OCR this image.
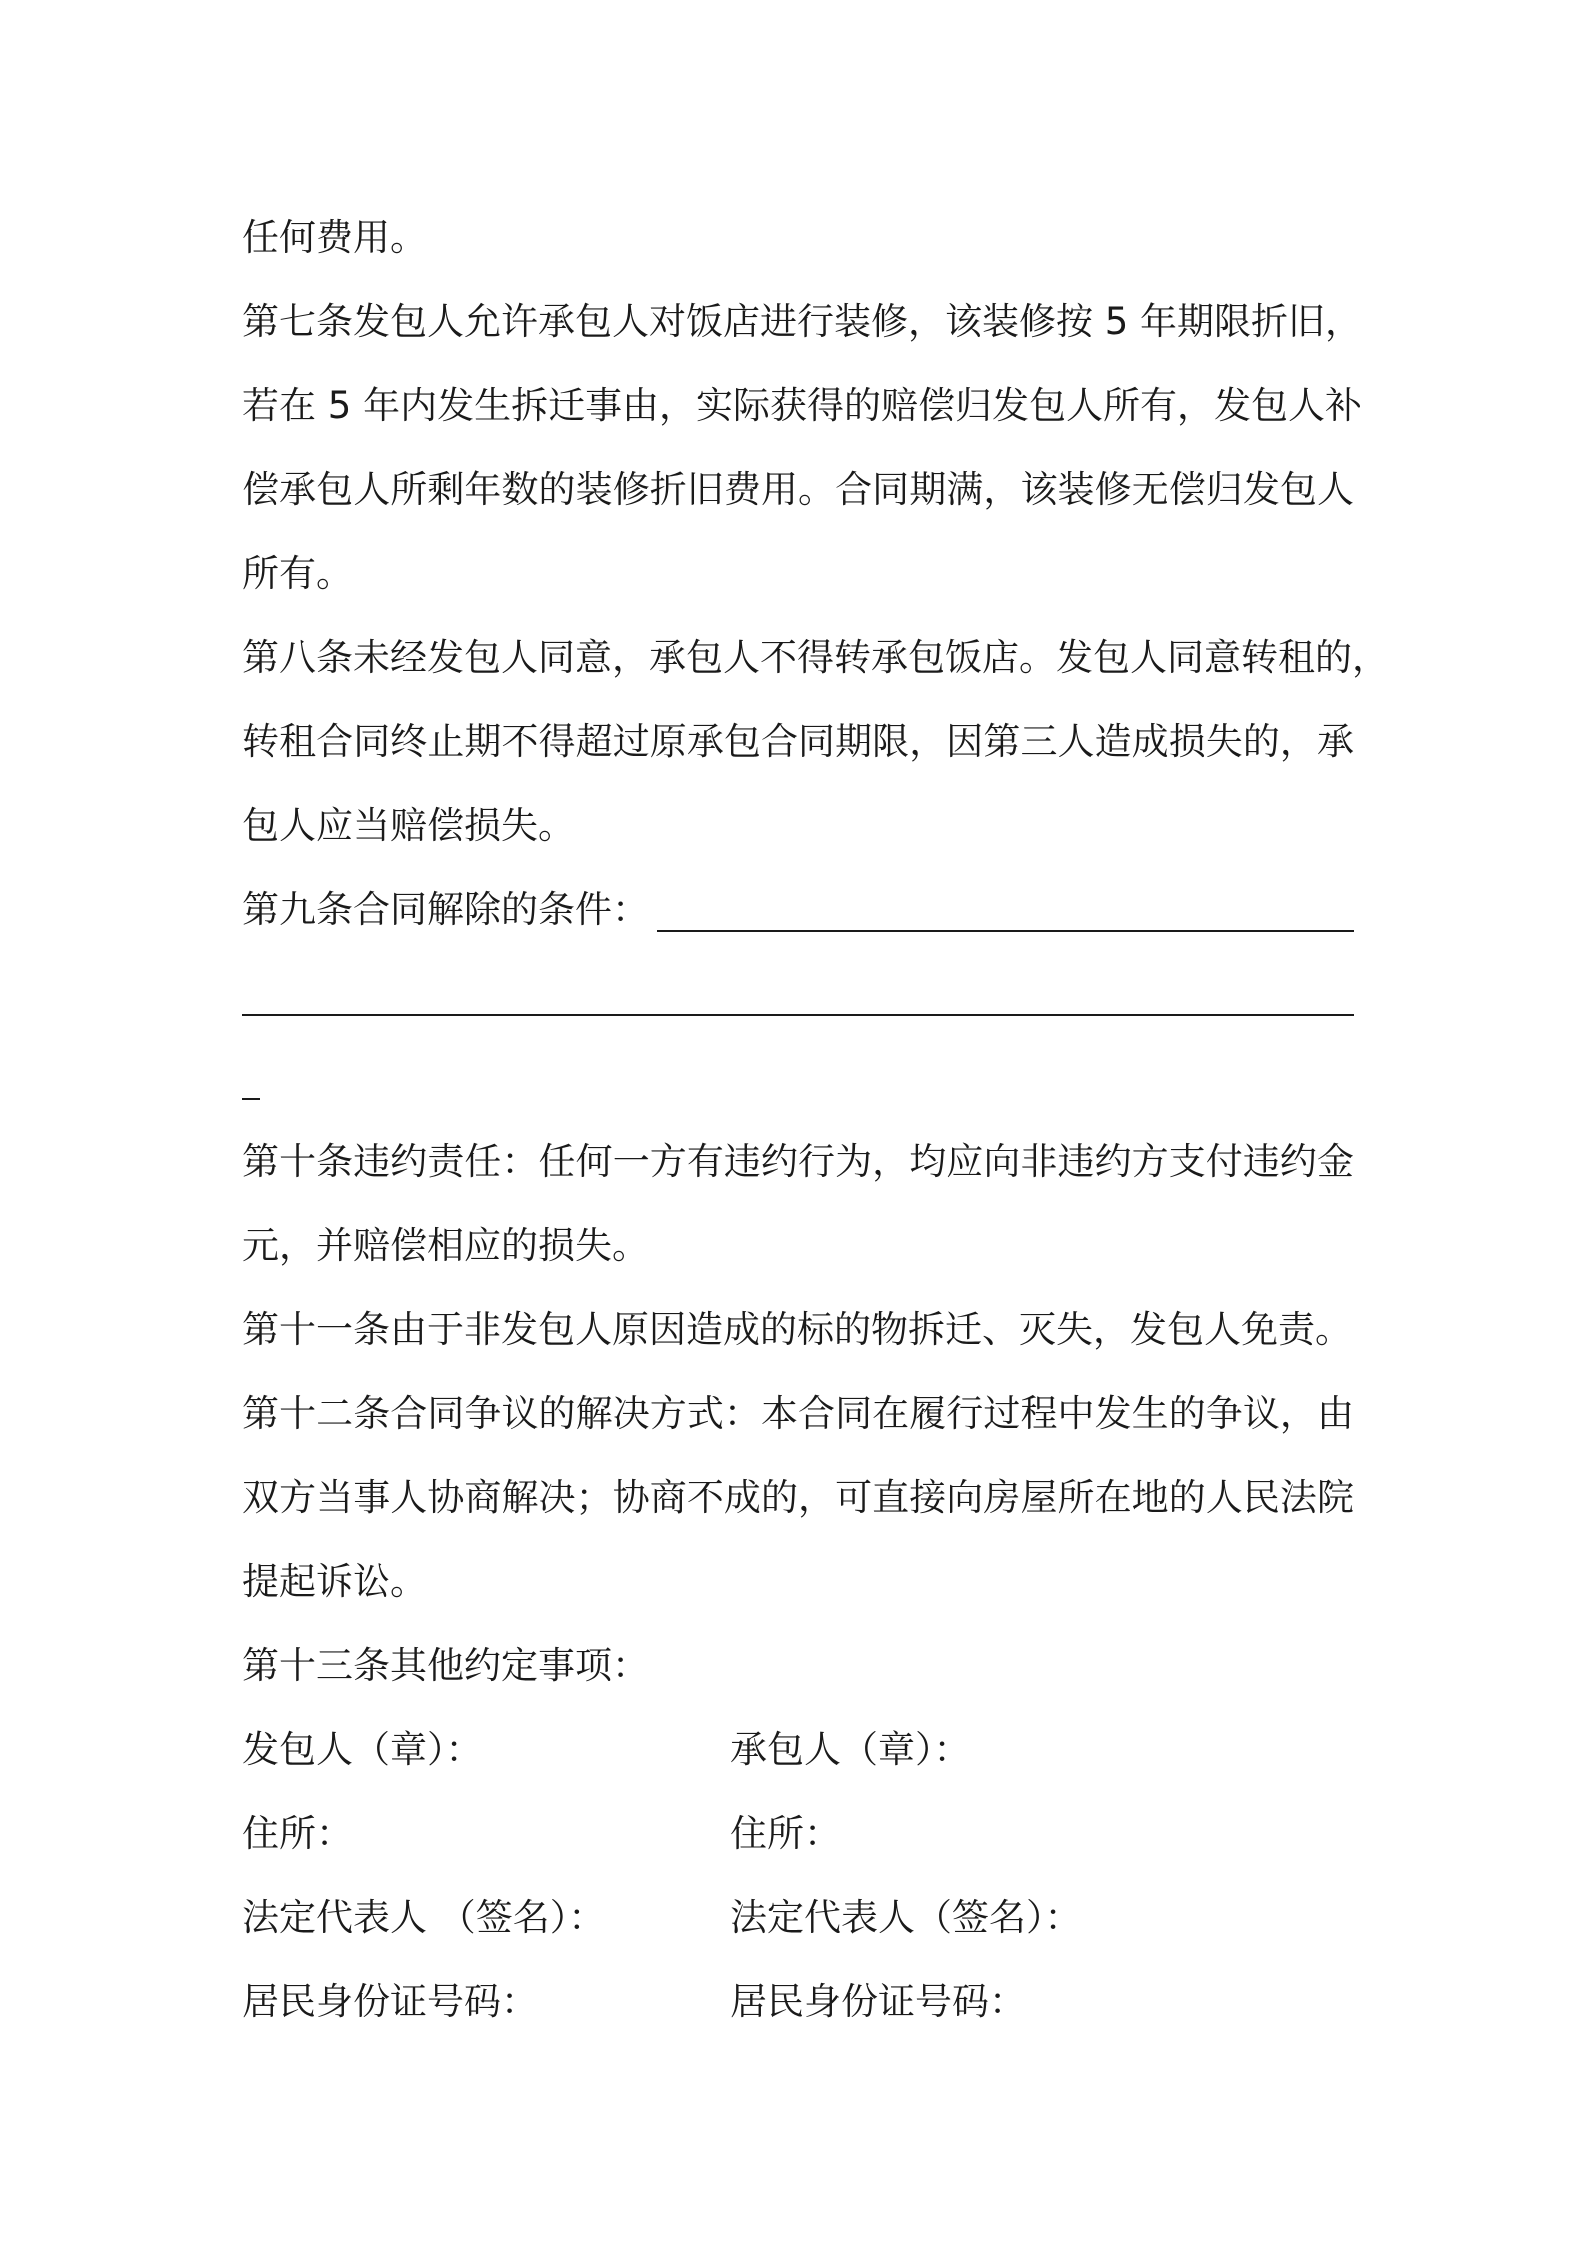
任何费用。
第七条发包人允许承包人对饭店进行装修，该装修按 5 年期限折旧，
若在 5 年内发生拆迁事由，实际获得的赔偿归发包人所有，发包人补
偿承包人所剩年数的装修折旧费用。合同期满，该装修无偿归发包人
所有。
第八条未经发包人同意，承包人不得转承包饭店。发包人同意转租的，
转租合同终止期不得超过原承包合同期限，因第三人造成损失的，承
包人应当赔偿损失。
第九条合同解除的条件：
第十条违约责任：任何一方有违约行为，均应向非违约方支付违约金
元，并赔偿相应的损失。
第十一条由于非发包人原因造成的标的物拆迁、灭失，发包人免责。
第十二条合同争议的解决方式：本合同在履行过程中发生的争议，由
双方当事人协商解决；协商不成的，可直接向房屋所在地的人民法院
提起诉讼。
第十三条其他约定事项：
发包人（章）：	承包人（章）：
住所：	住所：
法定代表人 （签名）：	法定代表人（签名）：
居民身份证号码：	居民身份证号码：
